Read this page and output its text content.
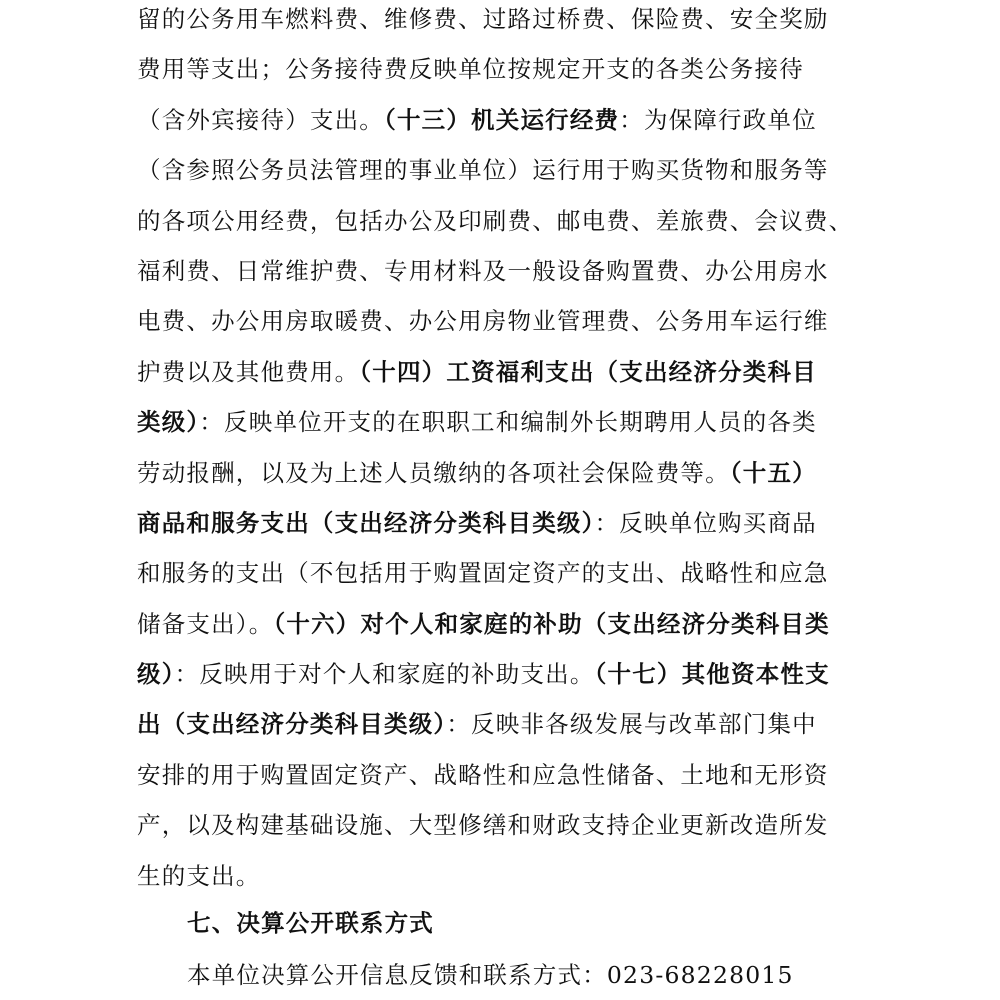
留的公务用车燃料费、维修费、过路过桥费、保险费、安全奖励
费用等支出；公务接待费反映单位按规定开支的各类公务接待
（含外宾接待）支出。（十三）机关运行经费：为保障行政单位
（含参照公务员法管理的事业单位）运行用于购买货物和服务等
的各项公用经费，包括办公及印刷费、邮电费、差旅费、会议费、
福利费、日常维护费、专用材料及一般设备购置费、办公用房水
电费、办公用房取暖费、办公用房物业管理费、公务用车运行维
护费以及其他费用。（十四）工资福利支出（支出经济分类科目
类级）：反映单位开支的在职职工和编制外长期聘用人员的各类
劳动报酬，以及为上述人员缴纳的各项社会保险费等。（十五）
商品和服务支出（支出经济分类科目类级）：反映单位购买商品
和服务的支出（不包括用于购置固定资产的支出、战略性和应急
储备支出）。（十六）对个人和家庭的补助（支出经济分类科目类
级）：反映用于对个人和家庭的补助支出。（十七）其他资本性支
出（支出经济分类科目类级）：反映非各级发展与改革部门集中
安排的用于购置固定资产、战略性和应急性储备、土地和无形资
产，以及构建基础设施、大型修缮和财政支持企业更新改造所发
生的支出。
七、决算公开联系方式
本单位决算公开信息反馈和联系方式：023-68228015
